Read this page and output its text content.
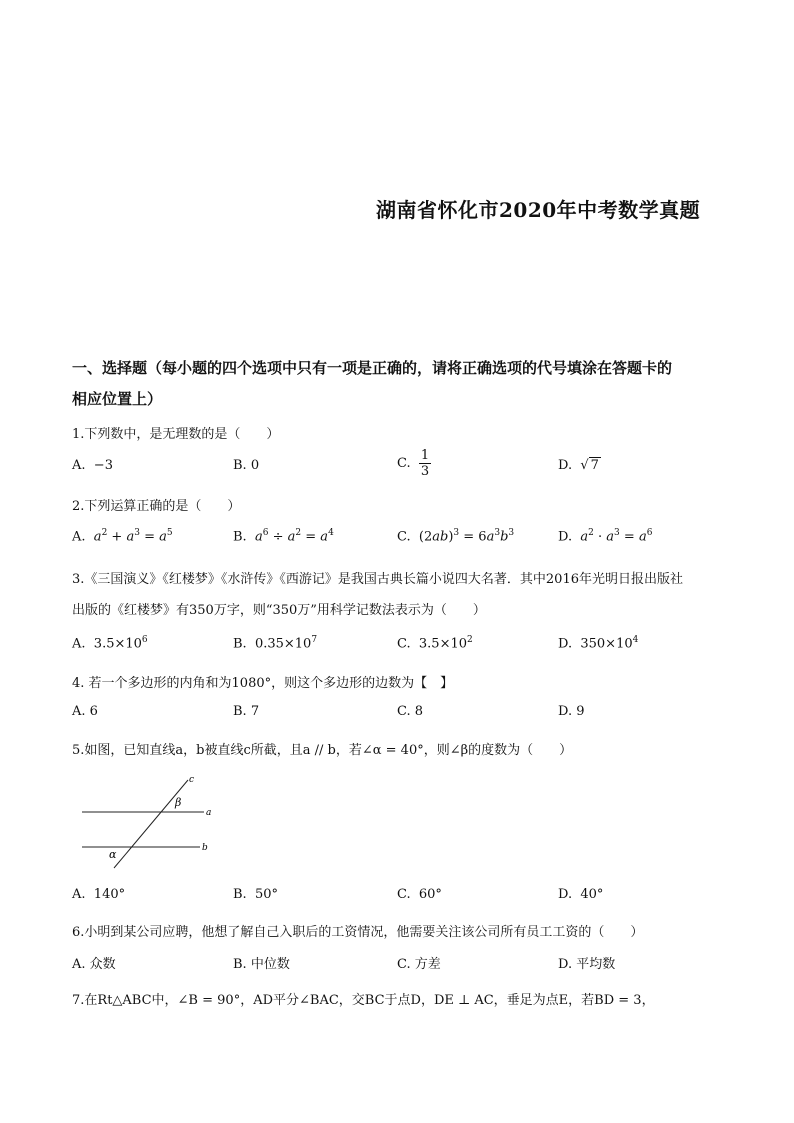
湖南省怀化市2020年中考数学真题
一、选择题（每小题的四个选项中只有一项是正确的，请将正确选项的代号填涂在答题卡的
相应位置上）
1.下列数中，是无理数的是（　　）
A. −3	B. 0	C. $\frac{1}{3}$	D. √ 7
2.下列运算正确的是（　　）
A. $a^2 + a^3 = a^5$	B. $a^6 \div a^2 = a^4$	C.  $(2ab)^3 = 6a^3b^3$	D. $a^2 \cdot a^3 = a^6$
3.《三国演义》《红楼梦》《水浒传》《西游记》是我国古典长篇小说四大名著．其中2016年光明日报出版社
出版的《红楼梦》有350万字，则“350万”用科学记数法表示为（　　）
A.  $3.5\times 10^6$	B.  $0.35\times 10^7$	C.  $3.5\times 10^2$	D.  $350\times 10^4$
4. 若一个多边形的内角和为1080°，则这个多边形的边数为【　】
A. 6	B. 7	C. 8	D. 9
5.如图，已知直线a，b被直线c所截，且a // b，若∠α = 40°，则∠β的度数为（　　）
a
b
c
β
α
A. 140°	B. 50°	C. 60°	D. 40°
6.小明到某公司应聘，他想了解自己入职后的工资情况，他需要关注该公司所有员工工资的（　　）
A. 众数	B. 中位数	C. 方差	D. 平均数
7.在Rt△ABC中，∠B = 90°，AD平分∠BAC，交BC于点D，DE ⊥ AC，垂足为点E，若BD = 3，
